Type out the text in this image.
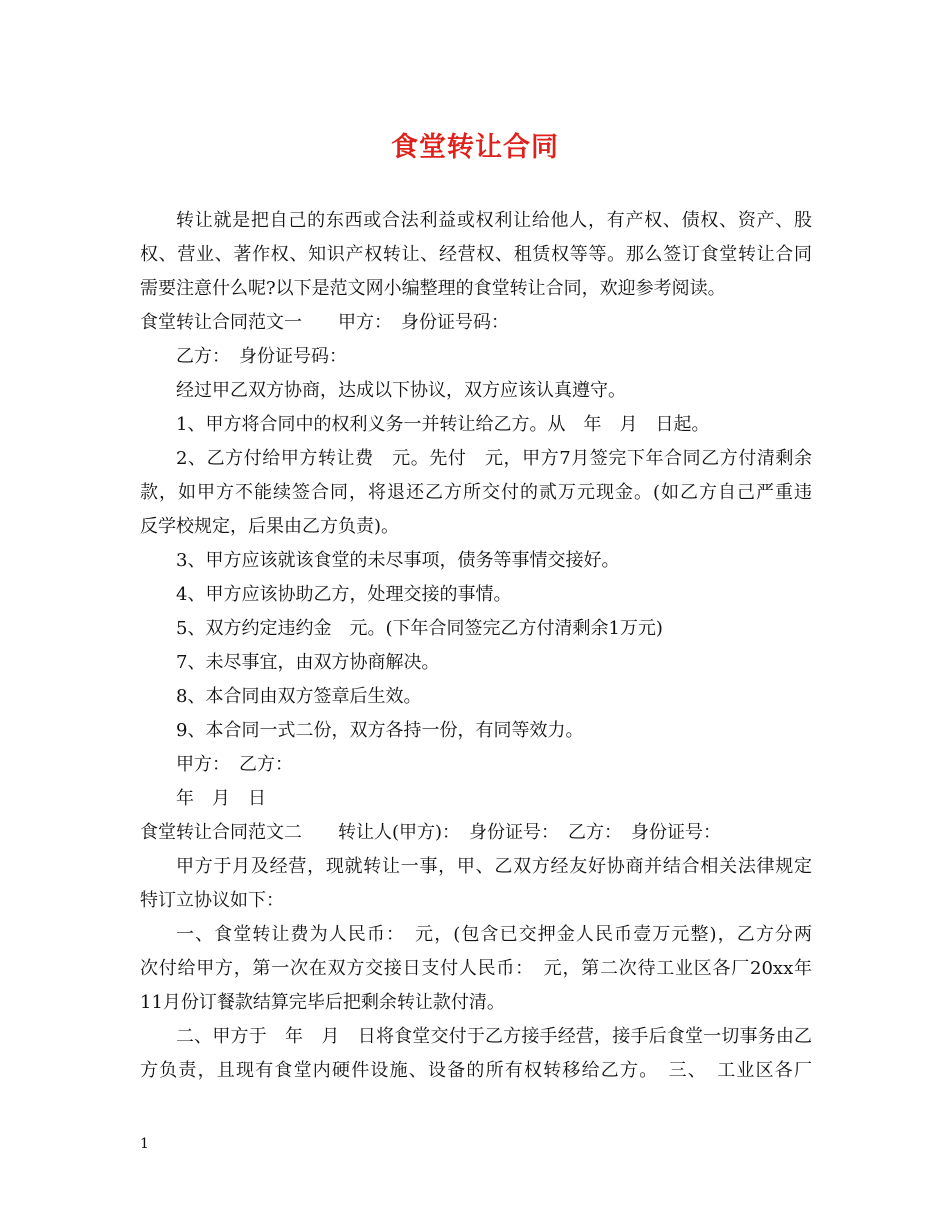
食堂转让合同
转让就是把自己的东西或合法利益或权利让给他人，有产权、债权、资产、股
权、营业、著作权、知识产权转让、经营权、租赁权等等。那么签订食堂转让合同
需要注意什么呢?以下是范文网小编整理的食堂转让合同，欢迎参考阅读。
食堂转让合同范文一　　甲方：　身份证号码：
乙方：　身份证号码：
经过甲乙双方协商，达成以下协议，双方应该认真遵守。
1、甲方将合同中的权利义务一并转让给乙方。从　年　月　日起。
2、乙方付给甲方转让费　元。先付　元，甲方7月签完下年合同乙方付清剩余
款，如甲方不能续签合同，将退还乙方所交付的贰万元现金。(如乙方自己严重违
反学校规定，后果由乙方负责)。
3、甲方应该就该食堂的未尽事项，债务等事情交接好。
4、甲方应该协助乙方，处理交接的事情。
5、双方约定违约金　元。(下年合同签完乙方付清剩余1万元)
7、未尽事宜，由双方协商解决。
8、本合同由双方签章后生效。
9、本合同一式二份，双方各持一份，有同等效力。
甲方：　乙方：
年　月　日
食堂转让合同范文二　　转让人(甲方)：　身份证号：　乙方：　身份证号：
甲方于月及经营，现就转让一事，甲、乙双方经友好协商并结合相关法律规定
特订立协议如下：
一、食堂转让费为人民币：　元，(包含已交押金人民币壹万元整)，乙方分两
次付给甲方，第一次在双方交接日支付人民币：　元，第二次待工业区各厂20xx年
11月份订餐款结算完毕后把剩余转让款付清。
二、甲方于　年　月　日将食堂交付于乙方接手经营，接手后食堂一切事务由乙
方负责，且现有食堂内硬件设施、设备的所有权转移给乙方。　三、　工业区各厂
1
